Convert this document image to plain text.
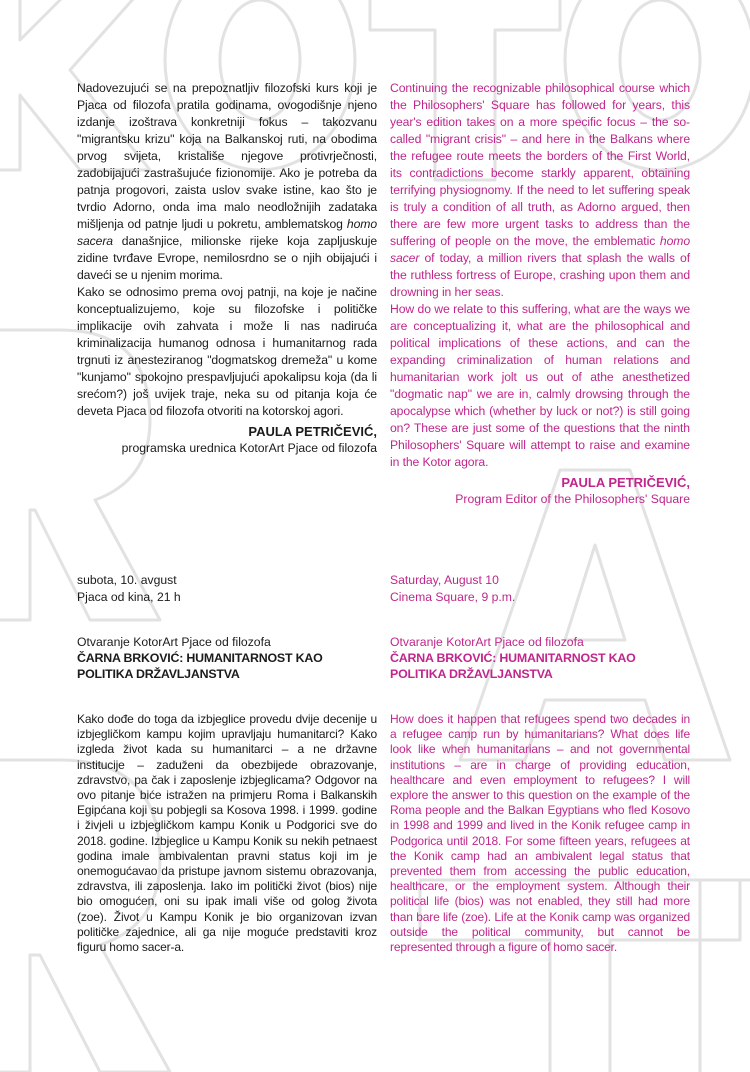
Nadovezujući se na prepoznatljiv filozofski kurs koji je Pjaca od filozofa pratila godinama, ovogodišnje njeno izdanje izoštrava konkretniji fokus – takozvanu "migrantsku krizu" koja na Balkanskoj ruti, na obodima prvog svijeta, kristališe njegove protivrječnosti, zadobijajući zastrašujuće fizionomije. Ako je potreba da patnja progovori, zaista uslov svake istine, kao što je tvrdio Adorno, onda ima malo neodložnijih zadataka mišljenja od patnje ljudi u pokretu, amblematskog homo sacera današnjice, milionske rijeke koja zapljuskuje zidine tvrđave Evrope, nemilosrdno se o njih obijajući i daveći se u njenim morima.

Kako se odnosimo prema ovoj patnji, na koje je načine konceptualizujemo, koje su filozofske i političke implikacije ovih zahvata i može li nas nadiruća kriminalizacija humanog odnosa i humanitarnog rada trgnuti iz anesteziranog "dogmatskog dremeža" u kome "kunjamo" spokojno prespavljujući apokalipsu koja (da li srećom?) još uvijek traje, neka su od pitanja koja će deveta Pjaca od filozofa otvoriti na kotorskoj agori.

PAULA PETRIČEVIĆ,

programska urednica KotorArt Pjace od filozofa

Continuing the recognizable philosophical course which the Philosophers' Square has followed for years, this year's edition takes on a more specific focus – the so-called "migrant crisis" – and here in the Balkans where the refugee route meets the borders of the First World, its contradictions become starkly apparent, obtaining terrifying physiognomy. If the need to let suffering speak is truly a condition of all truth, as Adorno argued, then there are few more urgent tasks to address than the suffering of people on the move, the emblematic homo sacer of today, a million rivers that splash the walls of the ruthless fortress of Europe, crashing upon them and drowning in her seas.

How do we relate to this suffering, what are the ways we are conceptualizing it, what are the philosophical and political implications of these actions, and can the expanding criminalization of human relations and humanitarian work jolt us out of athe anesthetized "dogmatic nap" we are in, calmly drowsing through the apocalypse which (whether by luck or not?) is still going on? These are just some of the questions that the ninth Philosophers' Square will attempt to raise and examine in the Kotor agora.

PAULA PETRIČEVIĆ,

Program Editor of the Philosophers' Square

subota, 10. avgust

Pjaca od kina, 21 h

Saturday, August 10

Cinema Square, 9 p.m.

Otvaranje KotorArt Pjace od filozofa

ČARNA BRKOVIĆ: HUMANITARNOST KAO POLITIKA DRŽAVLJANSTVA

Otvaranje KotorArt Pjace od filozofa

ČARNA BRKOVIĆ: HUMANITARNOST KAO POLITIKA DRŽAVLJANSTVA

Kako dođe do toga da izbjeglice provedu dvije decenije u izbjegličkom kampu kojim upravljaju humanitarci? Kako izgleda život kada su humanitarci – a ne državne institucije – zaduženi da obezbijede obrazovanje, zdravstvo, pa čak i zaposlenje izbjeglicama? Odgovor na ovo pitanje biće istražen na primjeru Roma i Balkanskih Egipćana koji su pobjegli sa Kosova 1998. i 1999. godine i živjeli u izbjegličkom kampu Konik u Podgorici sve do 2018. godine. Izbjeglice u Kampu Konik su nekih petnaest godina imale ambivalentan pravni status koji im je onemogućavao da pristupe javnom sistemu obrazovanja, zdravstva, ili zaposlenja. Iako im politički život (bios) nije bio omogućen, oni su ipak imali više od golog života (zoe). Život u Kampu Konik je bio organizovan izvan političke zajednice, ali ga nije moguće predstaviti kroz figuru homo sacer-a.

How does it happen that refugees spend two decades in a refugee camp run by humanitarians? What does life look like when humanitarians – and not governmental institutions – are in charge of providing education, healthcare and even employment to refugees? I will explore the answer to this question on the example of the Roma people and the Balkan Egyptians who fled Kosovo in 1998 and 1999 and lived in the Konik refugee camp in Podgorica until 2018. For some fifteen years, refugees at the Konik camp had an ambivalent legal status that prevented them from accessing the public education, healthcare, or the employment system. Although their political life (bios) was not enabled, they still had more than bare life (zoe). Life at the Konik camp was organized outside the political community, but cannot be represented through a figure of homo sacer.
